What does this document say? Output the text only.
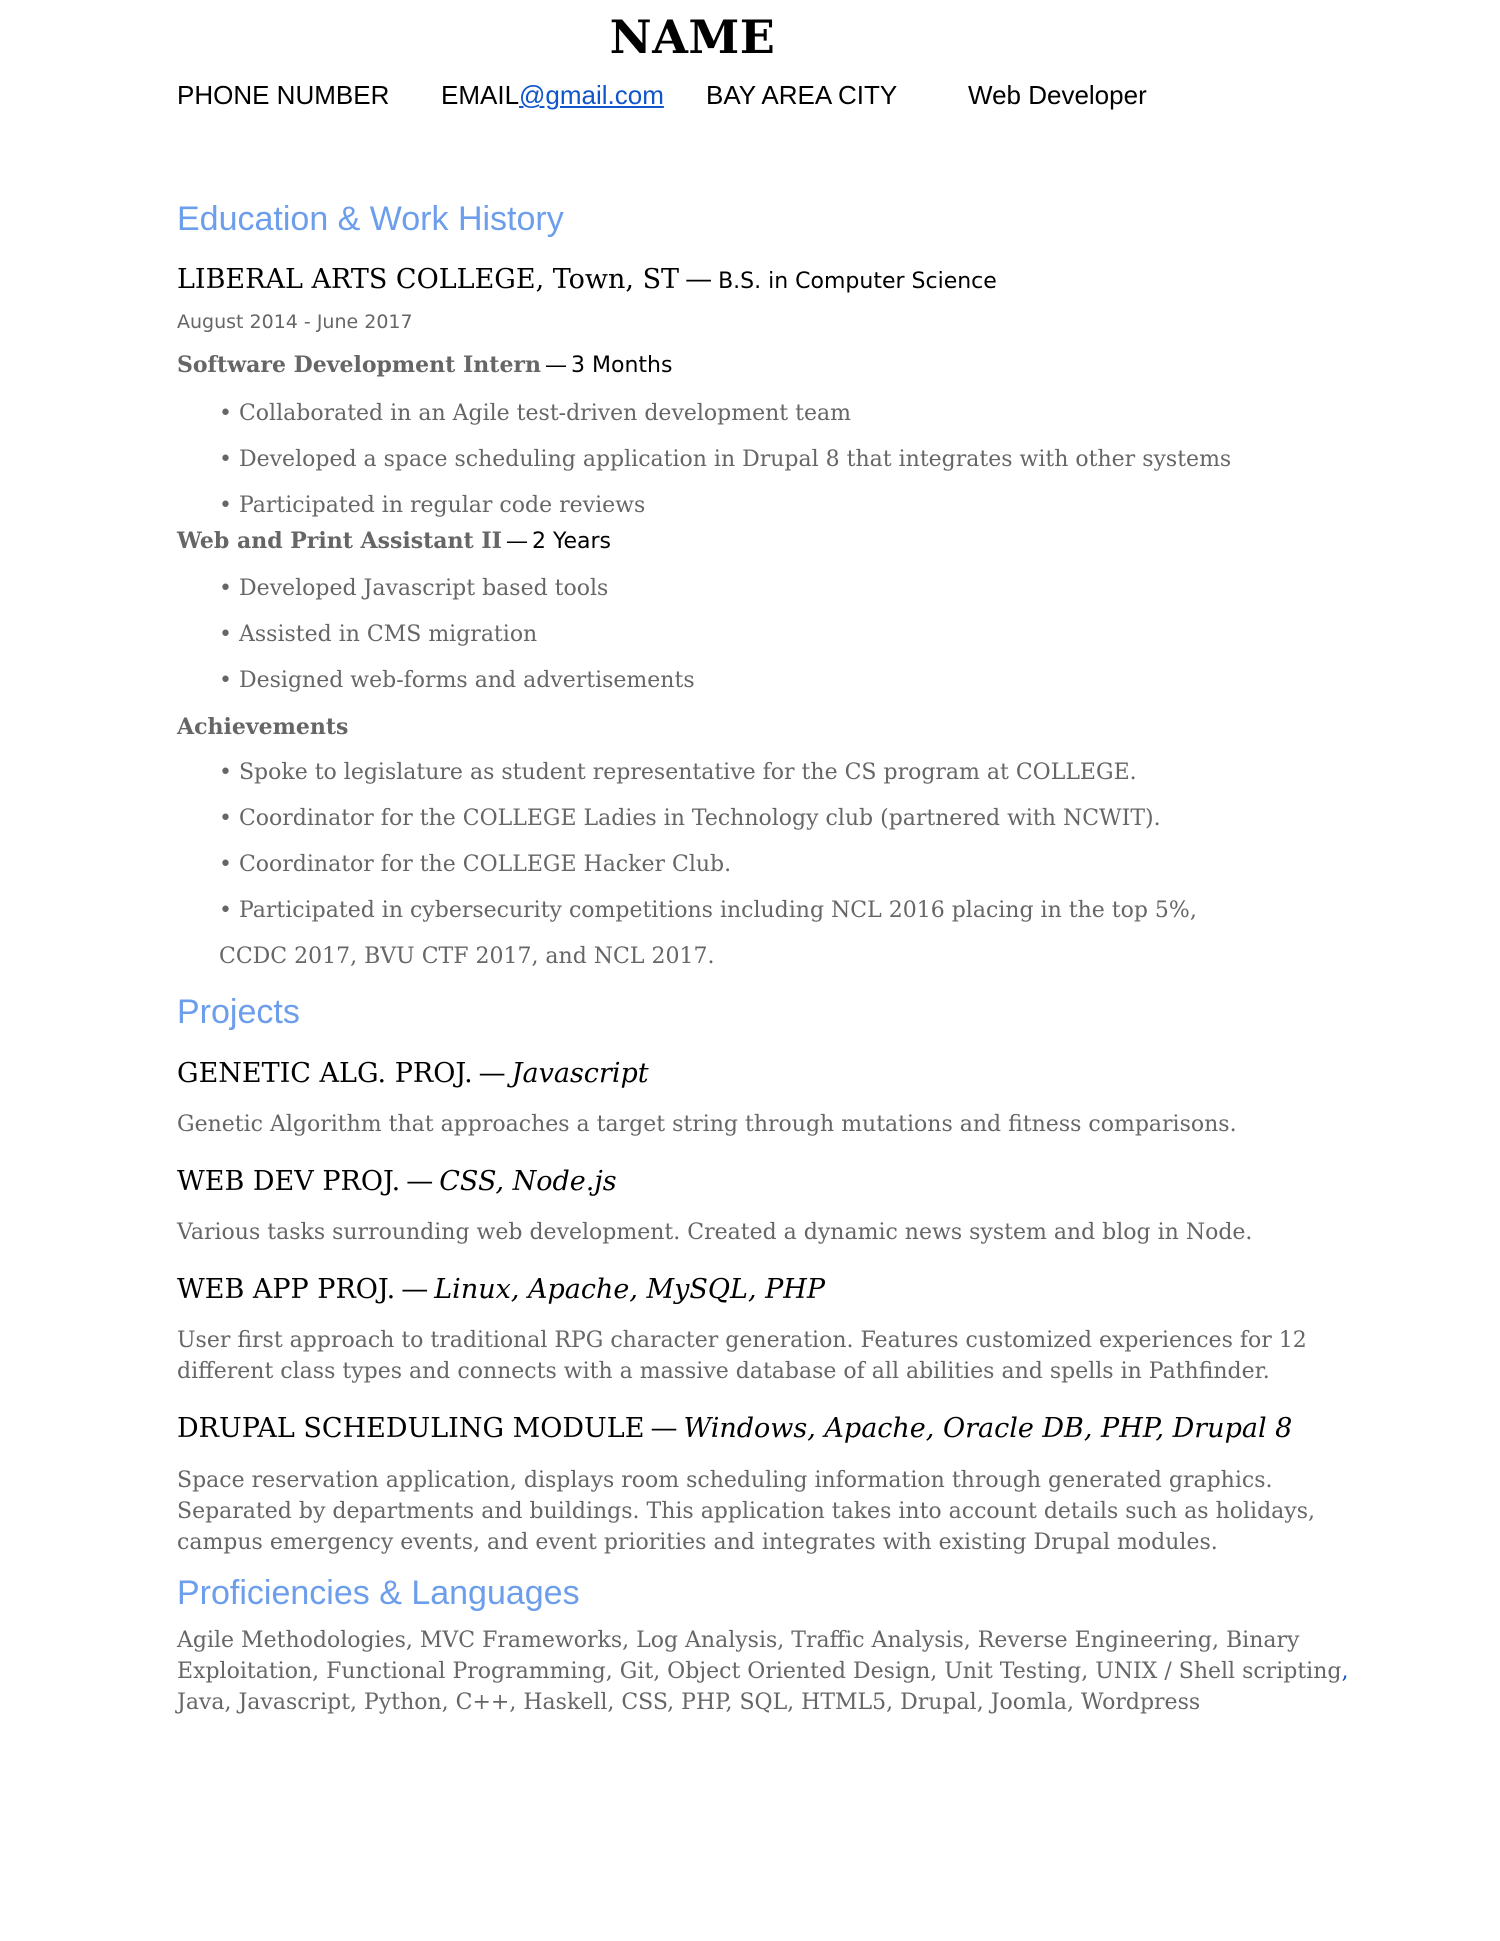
NAME
PHONE NUMBER EMAIL@gmail.com BAY AREA CITY	Web Developer
Education & Work History
LIBERAL ARTS COLLEGE, Town, ST — B.S. in Computer Science
August 2014 - June 2017
Software Development Intern — 3 Months
• Collaborated in an Agile test-driven development team
• Developed a space scheduling application in Drupal 8 that integrates with other systems
• Participated in regular code reviews
Web and Print Assistant II — 2 Years
• Developed Javascript based tools
• Assisted in CMS migration
• Designed web-forms and advertisements
Achievements
• Spoke to legislature as student representative for the CS program at COLLEGE.
• Coordinator for the COLLEGE Ladies in Technology club (partnered with NCWIT).
• Coordinator for the COLLEGE Hacker Club.
• Participated in cybersecurity competitions including NCL 2016 placing in the top 5%,
CCDC 2017, BVU CTF 2017, and NCL 2017.
Projects
GENETIC ALG. PROJ. — Javascript
Genetic Algorithm that approaches a target string through mutations and fitness comparisons.
WEB DEV PROJ. — CSS, Node.js
Various tasks surrounding web development. Created a dynamic news system and blog in Node.
WEB APP PROJ. — Linux, Apache, MySQL, PHP
User first approach to traditional RPG character generation. Features customized experiences for 12 different class types and connects with a massive database of all abilities and spells in Pathfinder.
DRUPAL SCHEDULING MODULE — Windows, Apache, Oracle DB, PHP, Drupal 8
Space reservation application, displays room scheduling information through generated graphics. Separated by departments and buildings. This application takes into account details such as holidays, campus emergency events, and event priorities and integrates with existing Drupal modules.
Proficiencies & Languages
Agile Methodologies, MVC Frameworks, Log Analysis, Traffic Analysis, Reverse Engineering, Binary
Exploitation, Functional Programming, Git, Object Oriented Design, Unit Testing, UNIX / Shell scripting,
Java, Javascript, Python, C++, Haskell, CSS, PHP, SQL, HTML5, Drupal, Joomla, Wordpress
